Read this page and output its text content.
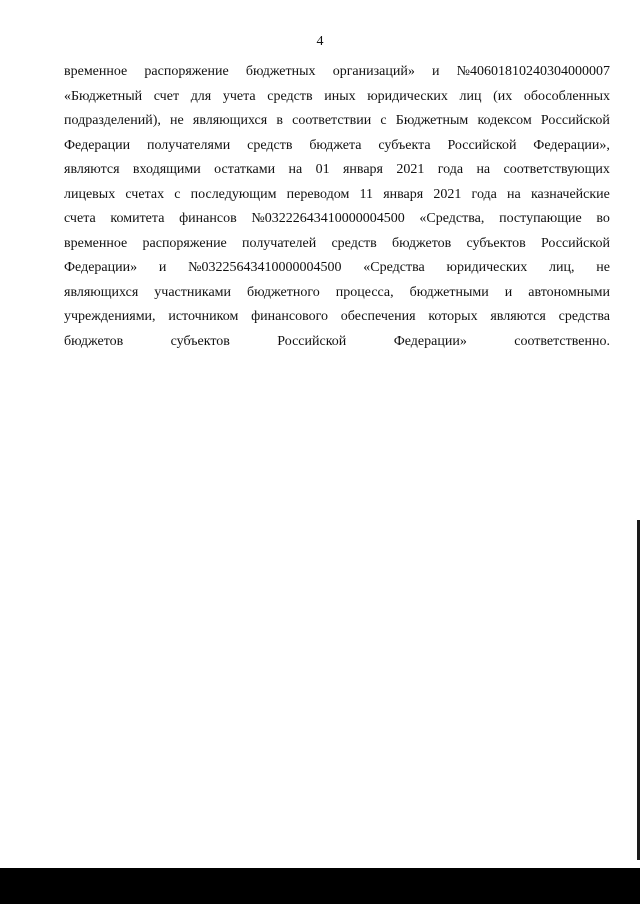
4
временное распоряжение бюджетных организаций» и №40601810240304000007
«Бюджетный счет для учета средств иных юридических лиц (их обособленных
подразделений), не являющихся в соответствии с Бюджетным кодексом Российской
Федерации получателями средств бюджета субъекта Российской Федерации»,
являются входящими остатками на 01 января 2021 года на соответствующих
лицевых счетах с последующим переводом 11 января 2021 года на казначейские
счета комитета финансов №03222643410000004500 «Средства, поступающие во
временное распоряжение получателей средств бюджетов субъектов Российской
Федерации» и №03225643410000004500 «Средства юридических лиц, не
являющихся участниками бюджетного процесса, бюджетными и автономными
учреждениями, источником финансового обеспечения которых являются средства
бюджетов	субъектов	Российской	Федерации»	соответственно.
